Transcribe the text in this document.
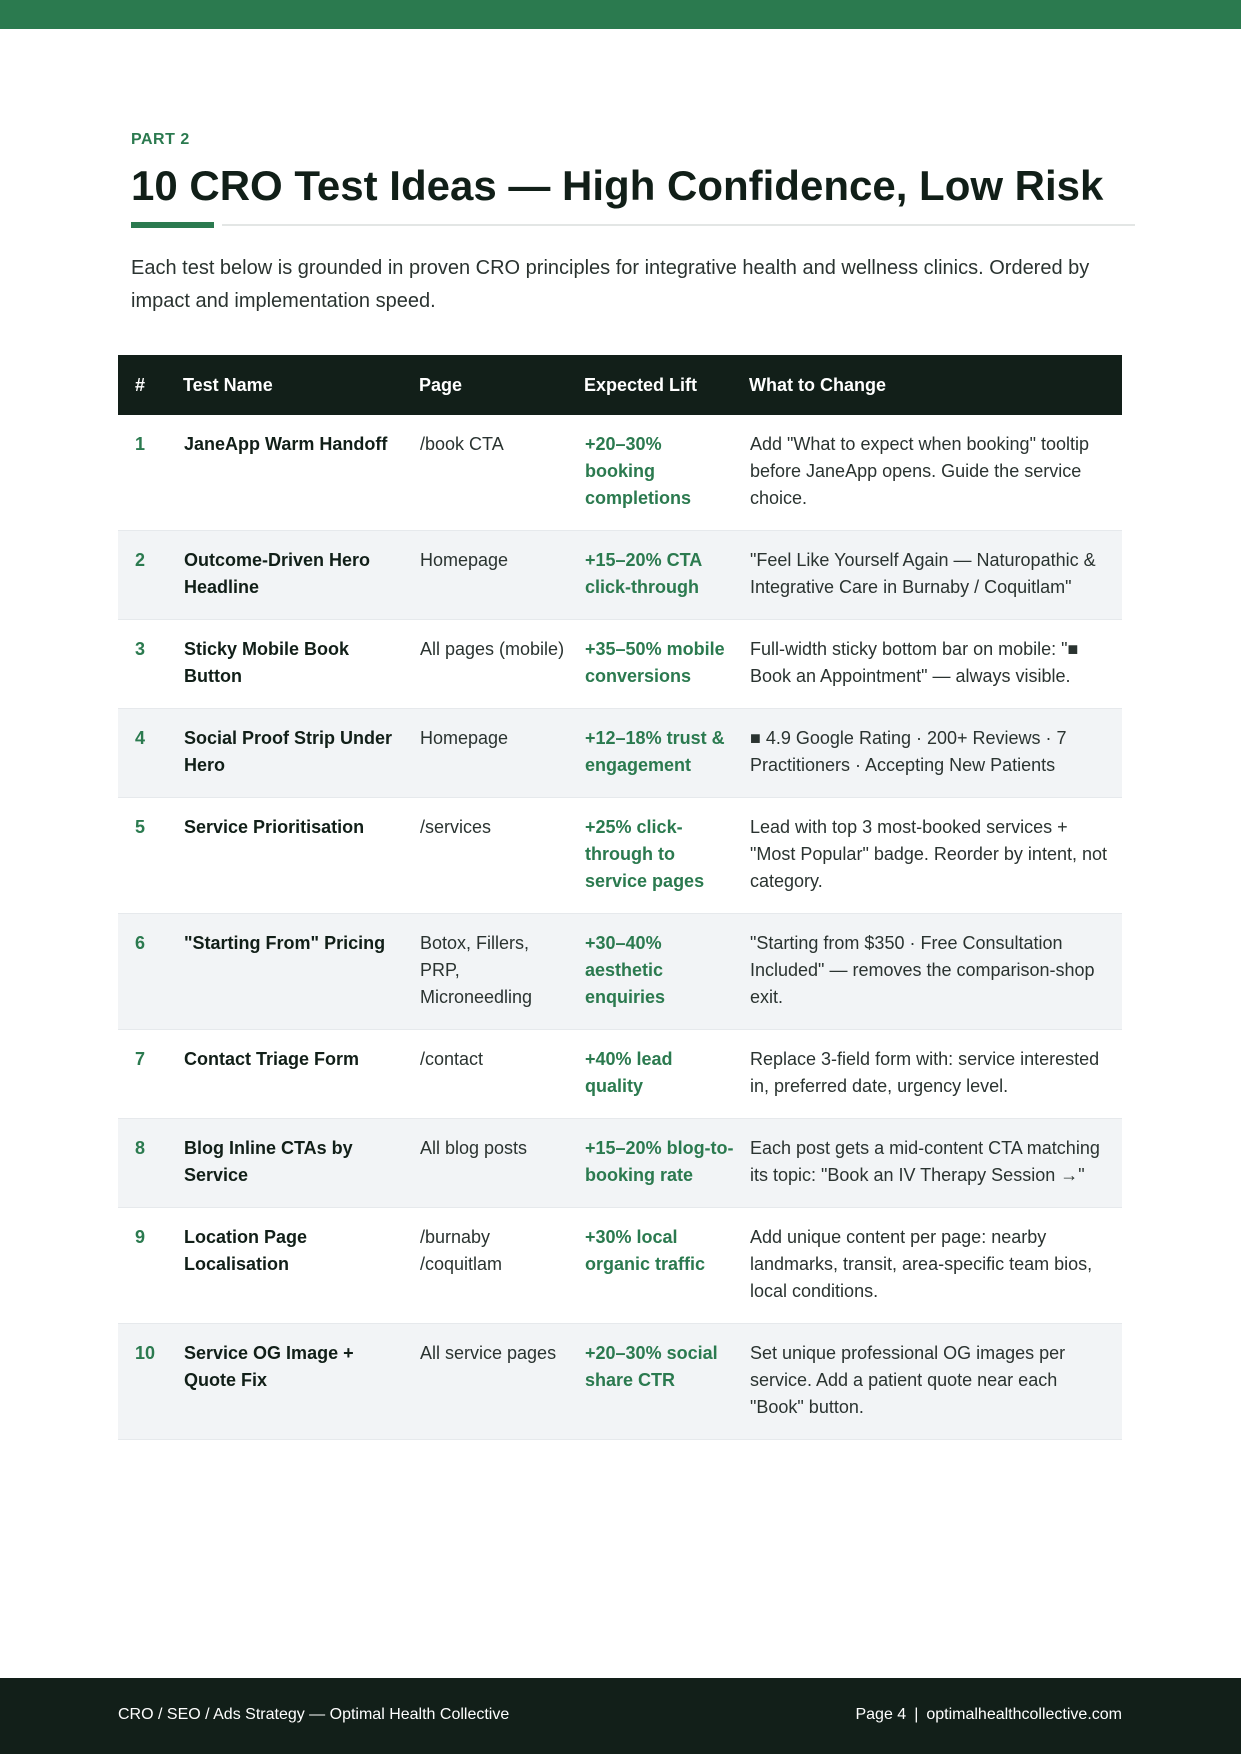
PART 2
10 CRO Test Ideas — High Confidence, Low Risk

Each test below is grounded in proven CRO principles for integrative health and wellness clinics. Ordered by impact and implementation speed.

#	Test Name	Page	Expected Lift	What to Change
1	JaneApp Warm Handoff	/book CTA	+20–30% booking completions	Add "What to expect when booking" tooltip before JaneApp opens. Guide the service choice.
2	Outcome-Driven Hero Headline	Homepage	+15–20% CTA click-through	"Feel Like Yourself Again — Naturopathic & Integrative Care in Burnaby / Coquitlam"
3	Sticky Mobile Book Button	All pages (mobile)	+35–50% mobile conversions	Full-width sticky bottom bar on mobile: "■ Book an Appointment" — always visible.
4	Social Proof Strip Under Hero	Homepage	+12–18% trust & engagement	■ 4.9 Google Rating · 200+ Reviews · 7 Practitioners · Accepting New Patients
5	Service Prioritisation	/services	+25% click-through to service pages	Lead with top 3 most-booked services + "Most Popular" badge. Reorder by intent, not category.
6	"Starting From" Pricing	Botox, Fillers, PRP, Microneedling	+30–40% aesthetic enquiries	"Starting from $350 · Free Consultation Included" — removes the comparison-shop exit.
7	Contact Triage Form	/contact	+40% lead quality	Replace 3-field form with: service interested in, preferred date, urgency level.
8	Blog Inline CTAs by Service	All blog posts	+15–20% blog-to-booking rate	Each post gets a mid-content CTA matching its topic: "Book an IV Therapy Session →"
9	Location Page Localisation	/burnaby /coquitlam	+30% local organic traffic	Add unique content per page: nearby landmarks, transit, area-specific team bios, local conditions.
10	Service OG Image + Quote Fix	All service pages	+20–30% social share CTR	Set unique professional OG images per service. Add a patient quote near each "Book" button.
CRO / SEO / Ads Strategy — Optimal Health Collective	Page 4 | optimalhealthcollective.com
